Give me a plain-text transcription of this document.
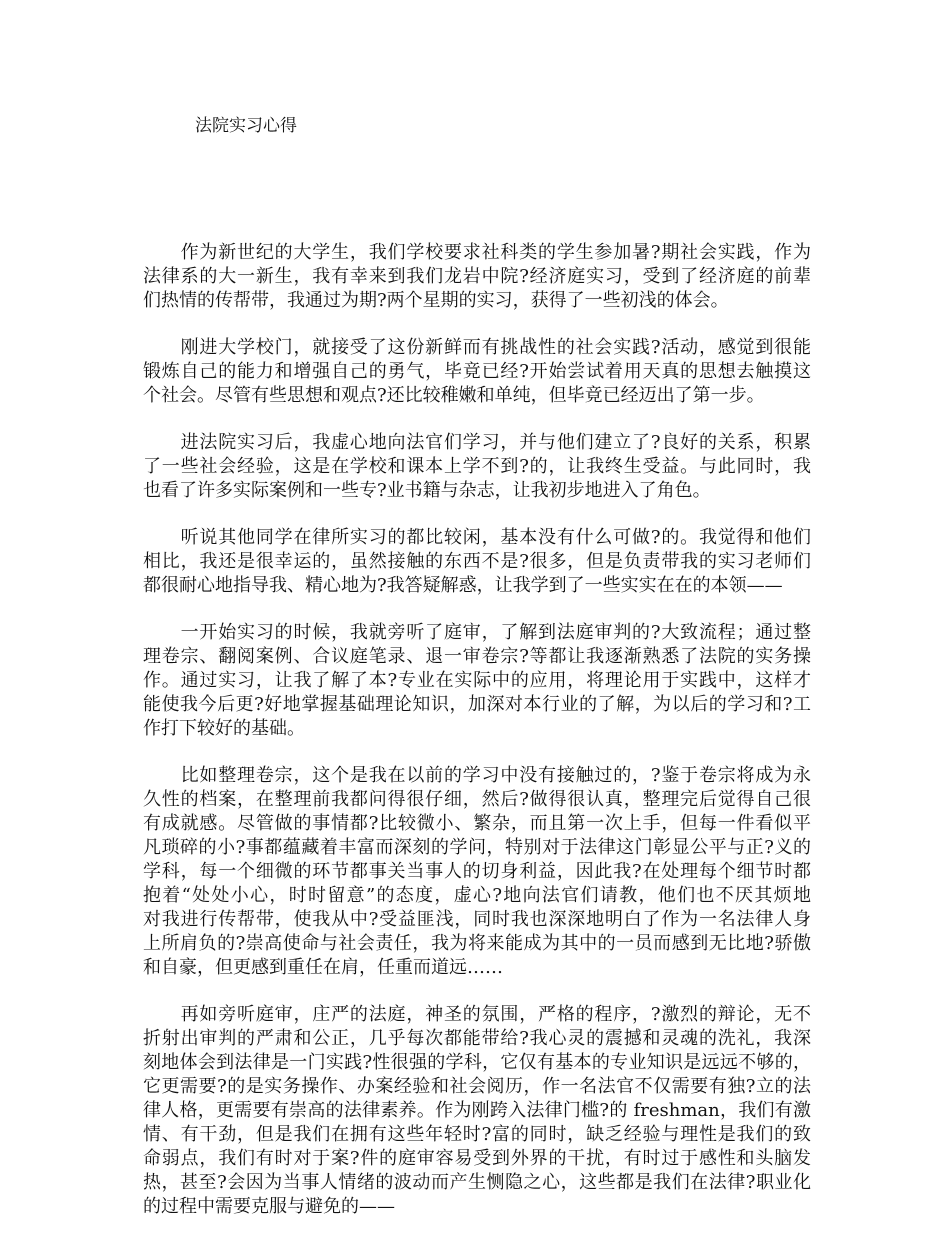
法院实习心得
　　作为新世纪的大学生，我们学校要求社科类的学生参加暑?期社会实践，作为
法律系的大一新生，我有幸来到我们龙岩中院?经济庭实习，受到了经济庭的前辈
们热情的传帮带，我通过为期?两个星期的实习，获得了一些初浅的体会。
　　刚进大学校门，就接受了这份新鲜而有挑战性的社会实践?活动，感觉到很能
锻炼自己的能力和增强自己的勇气，毕竟已经?开始尝试着用天真的思想去触摸这
个社会。尽管有些思想和观点?还比较稚嫩和单纯，但毕竟已经迈出了第一步。
　　进法院实习后，我虚心地向法官们学习，并与他们建立了?良好的关系，积累
了一些社会经验，这是在学校和课本上学不到?的，让我终生受益。与此同时，我
也看了许多实际案例和一些专?业书籍与杂志，让我初步地进入了角色。
　　听说其他同学在律所实习的都比较闲，基本没有什么可做?的。我觉得和他们
相比，我还是很幸运的，虽然接触的东西不是?很多，但是负责带我的实习老师们
都很耐心地指导我、精心地为?我答疑解惑，让我学到了一些实实在在的本领——
　　一开始实习的时候，我就旁听了庭审，了解到法庭审判的?大致流程；通过整
理卷宗、翻阅案例、合议庭笔录、退一审卷宗?等都让我逐渐熟悉了法院的实务操
作。通过实习，让我了解了本?专业在实际中的应用，将理论用于实践中，这样才
能使我今后更?好地掌握基础理论知识，加深对本行业的了解，为以后的学习和?工
作打下较好的基础。
　　比如整理卷宗，这个是我在以前的学习中没有接触过的，?鉴于卷宗将成为永
久性的档案，在整理前我都问得很仔细，然后?做得很认真，整理完后觉得自己很
有成就感。尽管做的事情都?比较微小、繁杂，而且第一次上手，但每一件看似平
凡琐碎的小?事都蕴藏着丰富而深刻的学问，特别对于法律这门彰显公平与正?义的
学科，每一个细微的环节都事关当事人的切身利益，因此我?在处理每个细节时都
抱着“处处小心，时时留意”的态度，虚心?地向法官们请教，他们也不厌其烦地
对我进行传帮带，使我从中?受益匪浅，同时我也深深地明白了作为一名法律人身
上所肩负的?崇高使命与社会责任，我为将来能成为其中的一员而感到无比地?骄傲
和自豪，但更感到重任在肩，任重而道远……
　　再如旁听庭审，庄严的法庭，神圣的氛围，严格的程序，?激烈的辩论，无不
折射出审判的严肃和公正，几乎每次都能带给?我心灵的震撼和灵魂的洗礼，我深
刻地体会到法律是一门实践?性很强的学科，它仅有基本的专业知识是远远不够的，
它更需要?的是实务操作、办案经验和社会阅历，作一名法官不仅需要有独?立的法
律人格，更需要有崇高的法律素养。作为刚跨入法律门槛?的 freshman，我们有激
情、有干劲，但是我们在拥有这些年轻时?富的同时，缺乏经验与理性是我们的致
命弱点，我们有时对于案?件的庭审容易受到外界的干扰，有时过于感性和头脑发
热，甚至?会因为当事人情绪的波动而产生恻隐之心，这些都是我们在法律?职业化
的过程中需要克服与避免的——
